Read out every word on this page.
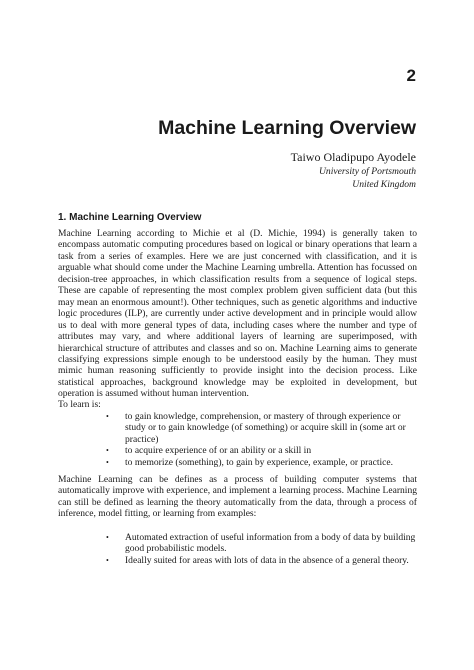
2
Machine Learning Overview
Taiwo Oladipupo Ayodele
University of Portsmouth
United Kingdom
1. Machine Learning Overview

Machine Learning according to Michie et al (D. Michie, 1994) is generally taken to encompass automatic computing procedures based on logical or binary operations that learn a task from a series of examples. Here we are just concerned with classification, and it is arguable what should come under the Machine Learning umbrella. Attention has focussed on decision-tree approaches, in which classification results from a sequence of logical steps. These are capable of representing the most complex problem given sufficient data (but this may mean an enormous amount!). Other techniques, such as genetic algorithms and inductive logic procedures (ILP), are currently under active development and in principle would allow us to deal with more general types of data, including cases where the number and type of attributes may vary, and where additional layers of learning are superimposed, with hierarchical structure of attributes and classes and so on. Machine Learning aims to generate classifying expressions simple enough to be understood easily by the human. They must mimic human reasoning sufficiently to provide insight into the decision process. Like statistical approaches, background knowledge may be exploited in development, but operation is assumed without human intervention.

To learn is:
• to gain knowledge, comprehension, or mastery of through experience or study or to gain knowledge (of something) or acquire skill in (some art or practice)
• to acquire experience of or an ability or a skill in
• to memorize (something), to gain by experience, example, or practice.

Machine Learning can be defines as a process of building computer systems that automatically improve with experience, and implement a learning process. Machine Learning can still be defined as learning the theory automatically from the data, through a process of inference, model fitting, or learning from examples:

• Automated extraction of useful information from a body of data by building good probabilistic models.
• Ideally suited for areas with lots of data in the absence of a general theory.
